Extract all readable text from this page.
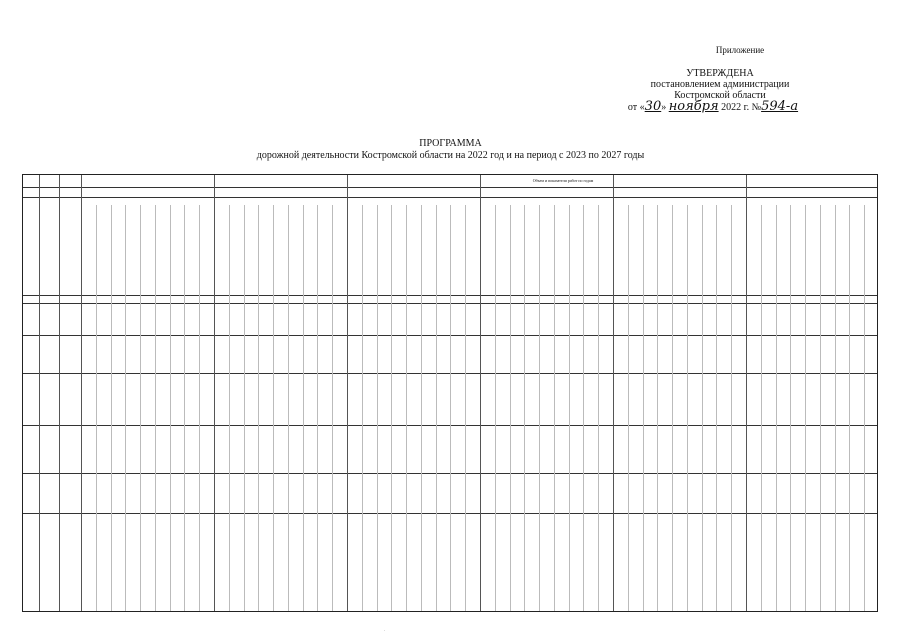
Приложение
УТВЕРЖДЕНА
постановлением администрации
Костромской области
от «30» ноября 2022 г. №594-а
ПРОГРАММА
дорожной деятельности Костромской области на 2022 год и на период с 2023 по 2027 годы
Объем и показатели работ по годам
.
